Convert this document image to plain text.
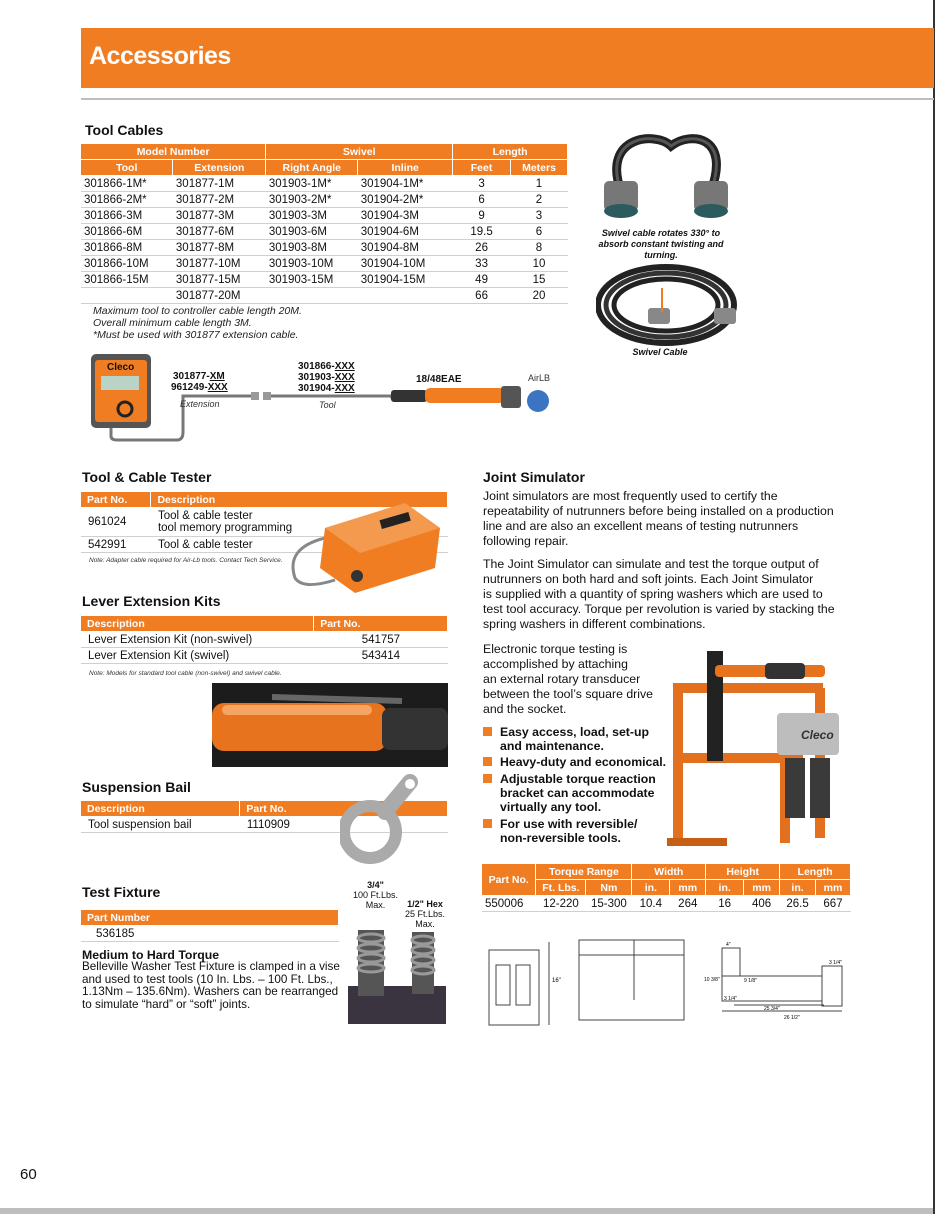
Accessories
Tool Cables
Model Number		Swivel		Length	
Tool	Extension	Right Angle	Inline	Feet	Meters
301866-1M*	301877-1M	301903-1M*	301904-1M*	3	1
301866-2M*	301877-2M	301903-2M*	301904-2M*	6	2
301866-3M	301877-3M	301903-3M	301904-3M	9	3
301866-6M	301877-6M	301903-6M	301904-6M	19.5	6
301866-8M	301877-8M	301903-8M	301904-8M	26	8
301866-10M	301877-10M	301903-10M	301904-10M	33	10
301866-15M	301877-15M	301903-15M	301904-15M	49	15
	301877-20M			66	20
Maximum tool to controller cable length 20M.
Overall minimum cable length 3M.
*Must be used with 301877 extension cable.
Swivel cable rotates 330° to absorb constant twisting and turning.
Swivel Cable
Cleco
301877-XM
961249-XXX
Extension
301866-XXX
301903-XXX
301904-XXX
Tool
18/48EAE	AirLB
Tool & Cable Tester
Part No.	Description
961024	Tool & cable tester
tool memory programming

542991	Tool & cable tester
Note: Adapter cable required for Air-Lb tools. Contact Tech Service.
Lever Extension Kits
Description	Part No.
Lever Extension Kit (non-swivel)	541757
Lever Extension Kit (swivel)	543414
Note: Models for standard tool cable (non-swivel) and swivel cable.
Suspension Bail
Description	Part No.
Tool suspension bail	1110909
Test Fixture
Part Number
536185
Medium to Hard Torque
Belleville Washer Test Fixture is clamped in a vise
and used to test tools (10 In. Lbs. – 100 Ft. Lbs.,
1.13Nm – 135.6Nm). Washers can be rearranged
to simulate “hard” or “soft” joints.
3/4"
100 Ft.Lbs.
Max.	1/2" Hex
25 Ft.Lbs.
Max.
Joint Simulator
Joint simulators are most frequently used to certify the
repeatability of nutrunners before being installed on a production
line and are also an excellent means of testing nutrunners
following repair.
The Joint Simulator can simulate and test the torque output of
nutrunners on both hard and soft joints. Each Joint Simulator
is supplied with a quantity of spring washers which are used to
test tool accuracy. Torque per revolution is varied by stacking the
spring washers in different combinations.
Electronic torque testing is
accomplished by attaching
an external rotary transducer
between the tool’s square drive
and the socket.
Easy access, load, set-up
and maintenance.
Heavy-duty and economical.
Adjustable torque reaction
bracket can accommodate
virtually any tool.
For use with reversible/
non-reversible tools.
Cleco
Part No.	Torque Range		Width		Height		Length	
	Ft. Lbs.	Nm	in.	mm	in.	mm	in.	mm
550006	12-220	15-300	10.4	264	16	406	26.5	667
16"
4"
10 3/8"	9 1/8"
3 1/4"
3 1/4"
25 3/4"
26 1/2"
60
